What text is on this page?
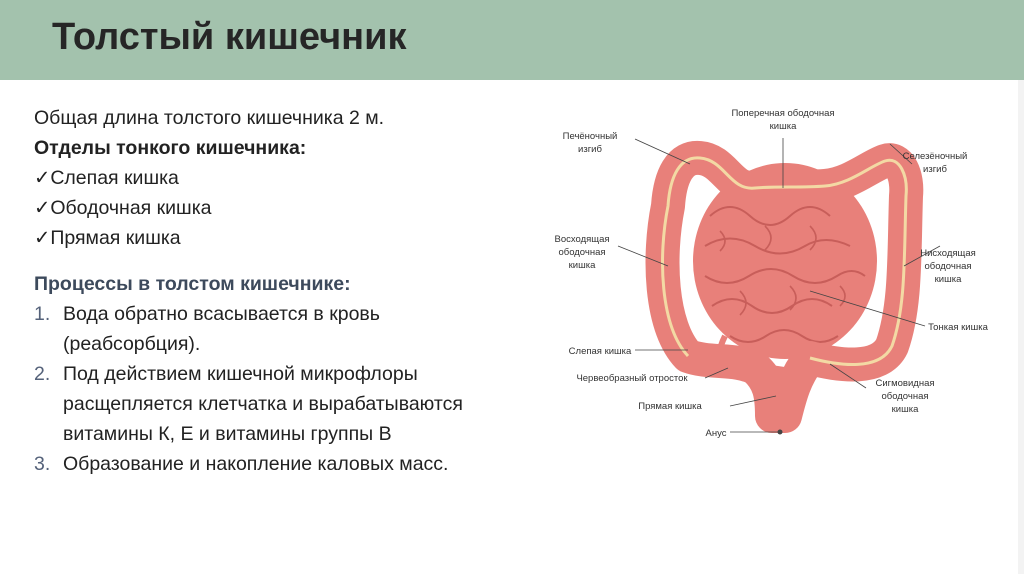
Толстый кишечник
Общая длина толстого кишечника 2 м.
Отделы тонкого кишечника:
✓Слепая кишка
✓Ободочная кишка
✓Прямая кишка
Процессы в толстом кишечнике:
1. Вода обратно всасывается в кровь
(реабсорбция).
2. Под действием кишечной микрофлоры
расщепляется клетчатка и вырабатываются
витамины К, Е и витамины группы В
3. Образование и накопление каловых масс.
Поперечная ободочная
кишка
Печёночный
изгиб
Селезёночный
изгиб
Восходящая
ободочная
кишка
Нисходящая
ободочная
кишка
Тонкая кишка
Слепая кишка
Червеобразный отросток
Прямая кишка
Анус
Сигмовидная
ободочная
кишка
